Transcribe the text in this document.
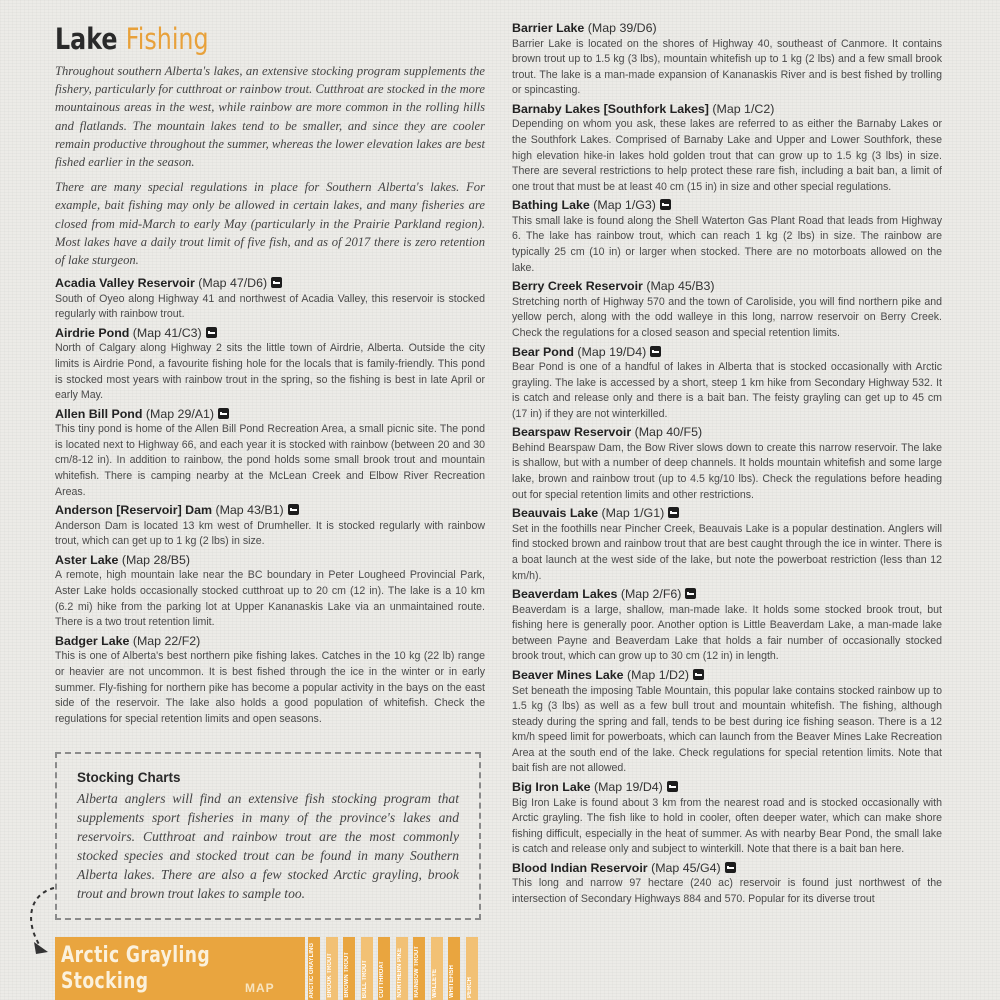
Lake Fishing

Throughout southern Alberta's lakes, an extensive stocking program supplements the fishery, particularly for cutthroat or rainbow trout. Cutthroat are stocked in the more mountainous areas in the west, while rainbow are more common in the rolling hills and flatlands. The mountain lakes tend to be smaller, and since they are cooler remain productive throughout the summer, whereas the lower elevation lakes are best fished earlier in the season.

There are many special regulations in place for Southern Alberta's lakes. For example, bait fishing may only be allowed in certain lakes, and many fisheries are closed from mid-March to early May (particularly in the Prairie Parkland region). Most lakes have a daily trout limit of five fish, and as of 2017 there is zero retention of lake sturgeon.

Acadia Valley Reservoir (Map 47/D6)

South of Oyeo along Highway 41 and northwest of Acadia Valley, this reservoir is stocked regularly with rainbow trout.

Airdrie Pond (Map 41/C3)

North of Calgary along Highway 2 sits the little town of Airdrie, Alberta. Outside the city limits is Airdrie Pond, a favourite fishing hole for the locals that is family-friendly. This pond is stocked most years with rainbow trout in the spring, so the fishing is best in late April or early May.

Allen Bill Pond (Map 29/A1)

This tiny pond is home of the Allen Bill Pond Recreation Area, a small picnic site. The pond is located next to Highway 66, and each year it is stocked with rainbow (between 20 and 30 cm/8-12 in). In addition to rainbow, the pond holds some small brook trout and mountain whitefish. There is camping nearby at the McLean Creek and Elbow River Recreation Areas.

Anderson [Reservoir] Dam (Map 43/B1)

Anderson Dam is located 13 km west of Drumheller. It is stocked regularly with rainbow trout, which can get up to 1 kg (2 lbs) in size.

Aster Lake (Map 28/B5)

A remote, high mountain lake near the BC boundary in Peter Lougheed Provincial Park, Aster Lake holds occasionally stocked cutthroat up to 20 cm (12 in). The lake is a 10 km (6.2 mi) hike from the parking lot at Upper Kananaskis Lake via an unmaintained route. There is a two trout retention limit.

Badger Lake (Map 22/F2)

This is one of Alberta's best northern pike fishing lakes. Catches in the 10 kg (22 lb) range or heavier are not uncommon. It is best fished through the ice in the winter or in early summer. Fly-fishing for northern pike has become a popular activity in the bays on the east side of the reservoir. The lake also holds a good population of whitefish. Check the regulations for special retention limits and open seasons.

Barrier Lake (Map 39/D6)

Barrier Lake is located on the shores of Highway 40, southeast of Canmore. It contains brown trout up to 1.5 kg (3 lbs), mountain whitefish up to 1 kg (2 lbs) and a few small brook trout. The lake is a man-made expansion of Kananaskis River and is best fished by trolling or spincasting.

Barnaby Lakes [Southfork Lakes] (Map 1/C2)

Depending on whom you ask, these lakes are referred to as either the Barnaby Lakes or the Southfork Lakes. Comprised of Barnaby Lake and Upper and Lower Southfork, these high elevation hike-in lakes hold golden trout that can grow up to 1.5 kg (3 lbs) in size. There are several restrictions to help protect these rare fish, including a bait ban, a limit of one trout that must be at least 40 cm (15 in) in size and other special regulations.

Bathing Lake (Map 1/G3)

This small lake is found along the Shell Waterton Gas Plant Road that leads from Highway 6. The lake has rainbow trout, which can reach 1 kg (2 lbs) in size. The rainbow are typically 25 cm (10 in) or larger when stocked. There are no motorboats allowed on the lake.

Berry Creek Reservoir (Map 45/B3)

Stretching north of Highway 570 and the town of Caroliside, you will find northern pike and yellow perch, along with the odd walleye in this long, narrow reservoir on Berry Creek. Check the regulations for a closed season and special retention limits.

Bear Pond (Map 19/D4)

Bear Pond is one of a handful of lakes in Alberta that is stocked occasionally with Arctic grayling. The lake is accessed by a short, steep 1 km hike from Secondary Highway 532. It is catch and release only and there is a bait ban. The feisty grayling can get up to 45 cm (17 in) if they are not winterkilled.

Bearspaw Reservoir (Map 40/F5)

Behind Bearspaw Dam, the Bow River slows down to create this narrow reservoir. The lake is shallow, but with a number of deep channels. It holds mountain whitefish and some large lake, brown and rainbow trout (up to 4.5 kg/10 lbs). Check the regulations before heading out for special retention limits and other restrictions.

Beauvais Lake (Map 1/G1)

Set in the foothills near Pincher Creek, Beauvais Lake is a popular destination. Anglers will find stocked brown and rainbow trout that are best caught through the ice in winter. There is a boat launch at the west side of the lake, but note the powerboat restriction (less than 12 km/h).

Beaverdam Lakes (Map 2/F6)

Beaverdam is a large, shallow, man-made lake. It holds some stocked brook trout, but fishing here is generally poor. Another option is Little Beaverdam Lake, a man-made lake between Payne and Beaverdam Lake that holds a fair number of occasionally stocked brook trout, which can grow up to 30 cm (12 in) in length.

Beaver Mines Lake (Map 1/D2)

Set beneath the imposing Table Mountain, this popular lake contains stocked rainbow up to 1.5 kg (3 lbs) as well as a few bull trout and mountain whitefish. The fishing, although steady during the spring and fall, tends to be best during ice fishing season. There is a 12 km/h speed limit for powerboats, which can launch from the Beaver Mines Lake Recreation Area at the south end of the lake. Check regulations for special retention limits. Note that bait fish are not allowed.

Big Iron Lake (Map 19/D4)

Big Iron Lake is found about 3 km from the nearest road and is stocked occasionally with Arctic grayling. The fish like to hold in cooler, often deeper water, which can make shore fishing difficult, especially in the heat of summer. As with nearby Bear Pond, the small lake is catch and release only and subject to winterkill. Note that there is a bait ban here.

Blood Indian Reservoir (Map 45/G4)

This long and narrow 97 hectare (240 ac) reservoir is found just northwest of the intersection of Secondary Highways 884 and 570. Popular for its diverse trout

Stocking Charts

Alberta anglers will find an extensive fish stocking program that supplements sport fisheries in many of the province's lakes and reservoirs. Cutthroat and rainbow trout are the most commonly stocked species and stocked trout can be found in many Southern Alberta lakes. There are also a few stocked Arctic grayling, brook trout and brown trout lakes to sample too.

Arctic Grayling
Stocking	MAP	ARCTIC GRAYLING BROOK TROUT BROWN TROUT BULL TROUT CUTTHROAT NORTHERN PIKE RAINBOW TROUT WALLEYE WHITEFISH PERCH
